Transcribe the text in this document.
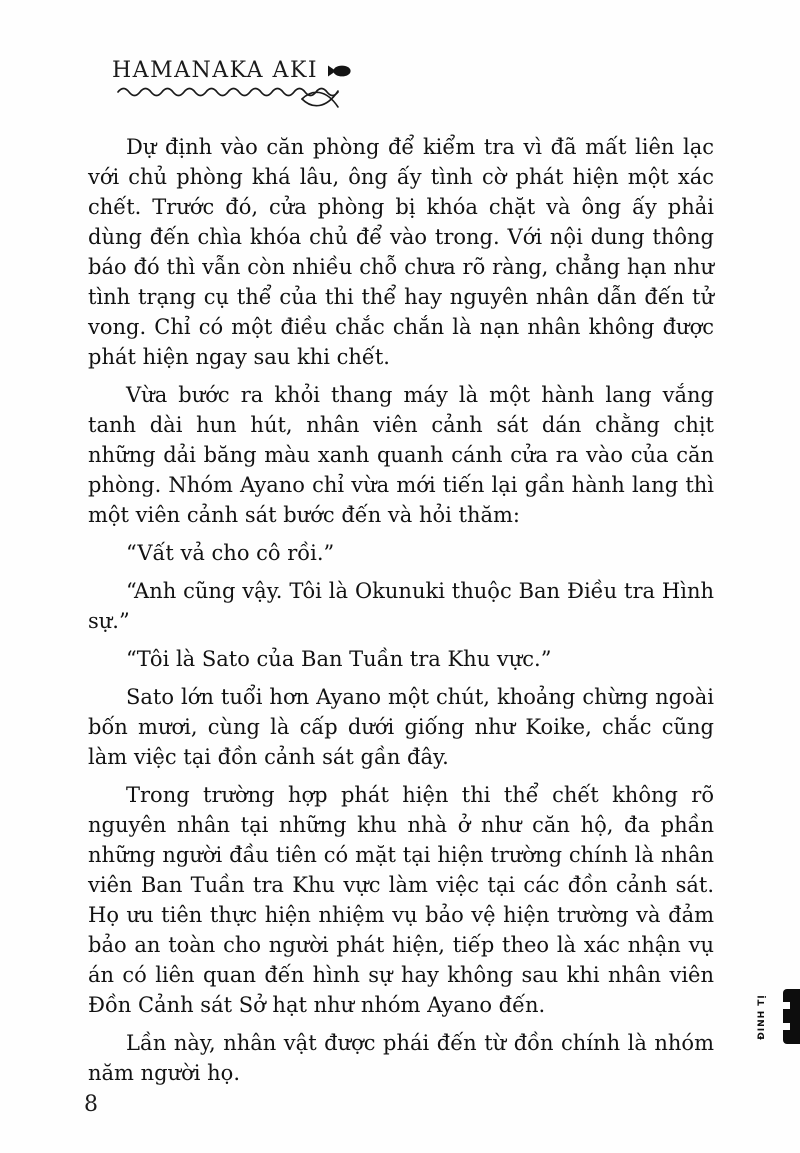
HAMANAKA AKI

Dự định vào căn phòng để kiểm tra vì đã mất liên lạc với chủ phòng khá lâu, ông ấy tình cờ phát hiện một xác chết. Trước đó, cửa phòng bị khóa chặt và ông ấy phải dùng đến chìa khóa chủ để vào trong. Với nội dung thông báo đó thì vẫn còn nhiều chỗ chưa rõ ràng, chẳng hạn như tình trạng cụ thể của thi thể hay nguyên nhân dẫn đến tử vong. Chỉ có một điều chắc chắn là nạn nhân không được phát hiện ngay sau khi chết.

Vừa bước ra khỏi thang máy là một hành lang vắng tanh dài hun hút, nhân viên cảnh sát dán chằng chịt những dải băng màu xanh quanh cánh cửa ra vào của căn phòng. Nhóm Ayano chỉ vừa mới tiến lại gần hành lang thì một viên cảnh sát bước đến và hỏi thăm:

“Vất vả cho cô rồi.”

“Anh cũng vậy. Tôi là Okunuki thuộc Ban Điều tra Hình sự.”

“Tôi là Sato của Ban Tuần tra Khu vực.”

Sato lớn tuổi hơn Ayano một chút, khoảng chừng ngoài bốn mươi, cùng là cấp dưới giống như Koike, chắc cũng làm việc tại đồn cảnh sát gần đây.

Trong trường hợp phát hiện thi thể chết không rõ nguyên nhân tại những khu nhà ở như căn hộ, đa phần những người đầu tiên có mặt tại hiện trường chính là nhân viên Ban Tuần tra Khu vực làm việc tại các đồn cảnh sát. Họ ưu tiên thực hiện nhiệm vụ bảo vệ hiện trường và đảm bảo an toàn cho người phát hiện, tiếp theo là xác nhận vụ án có liên quan đến hình sự hay không sau khi nhân viên Đồn Cảnh sát Sở hạt như nhóm Ayano đến.

Lần này, nhân vật được phái đến từ đồn chính là nhóm năm người họ.

8
ĐINH TỊ
